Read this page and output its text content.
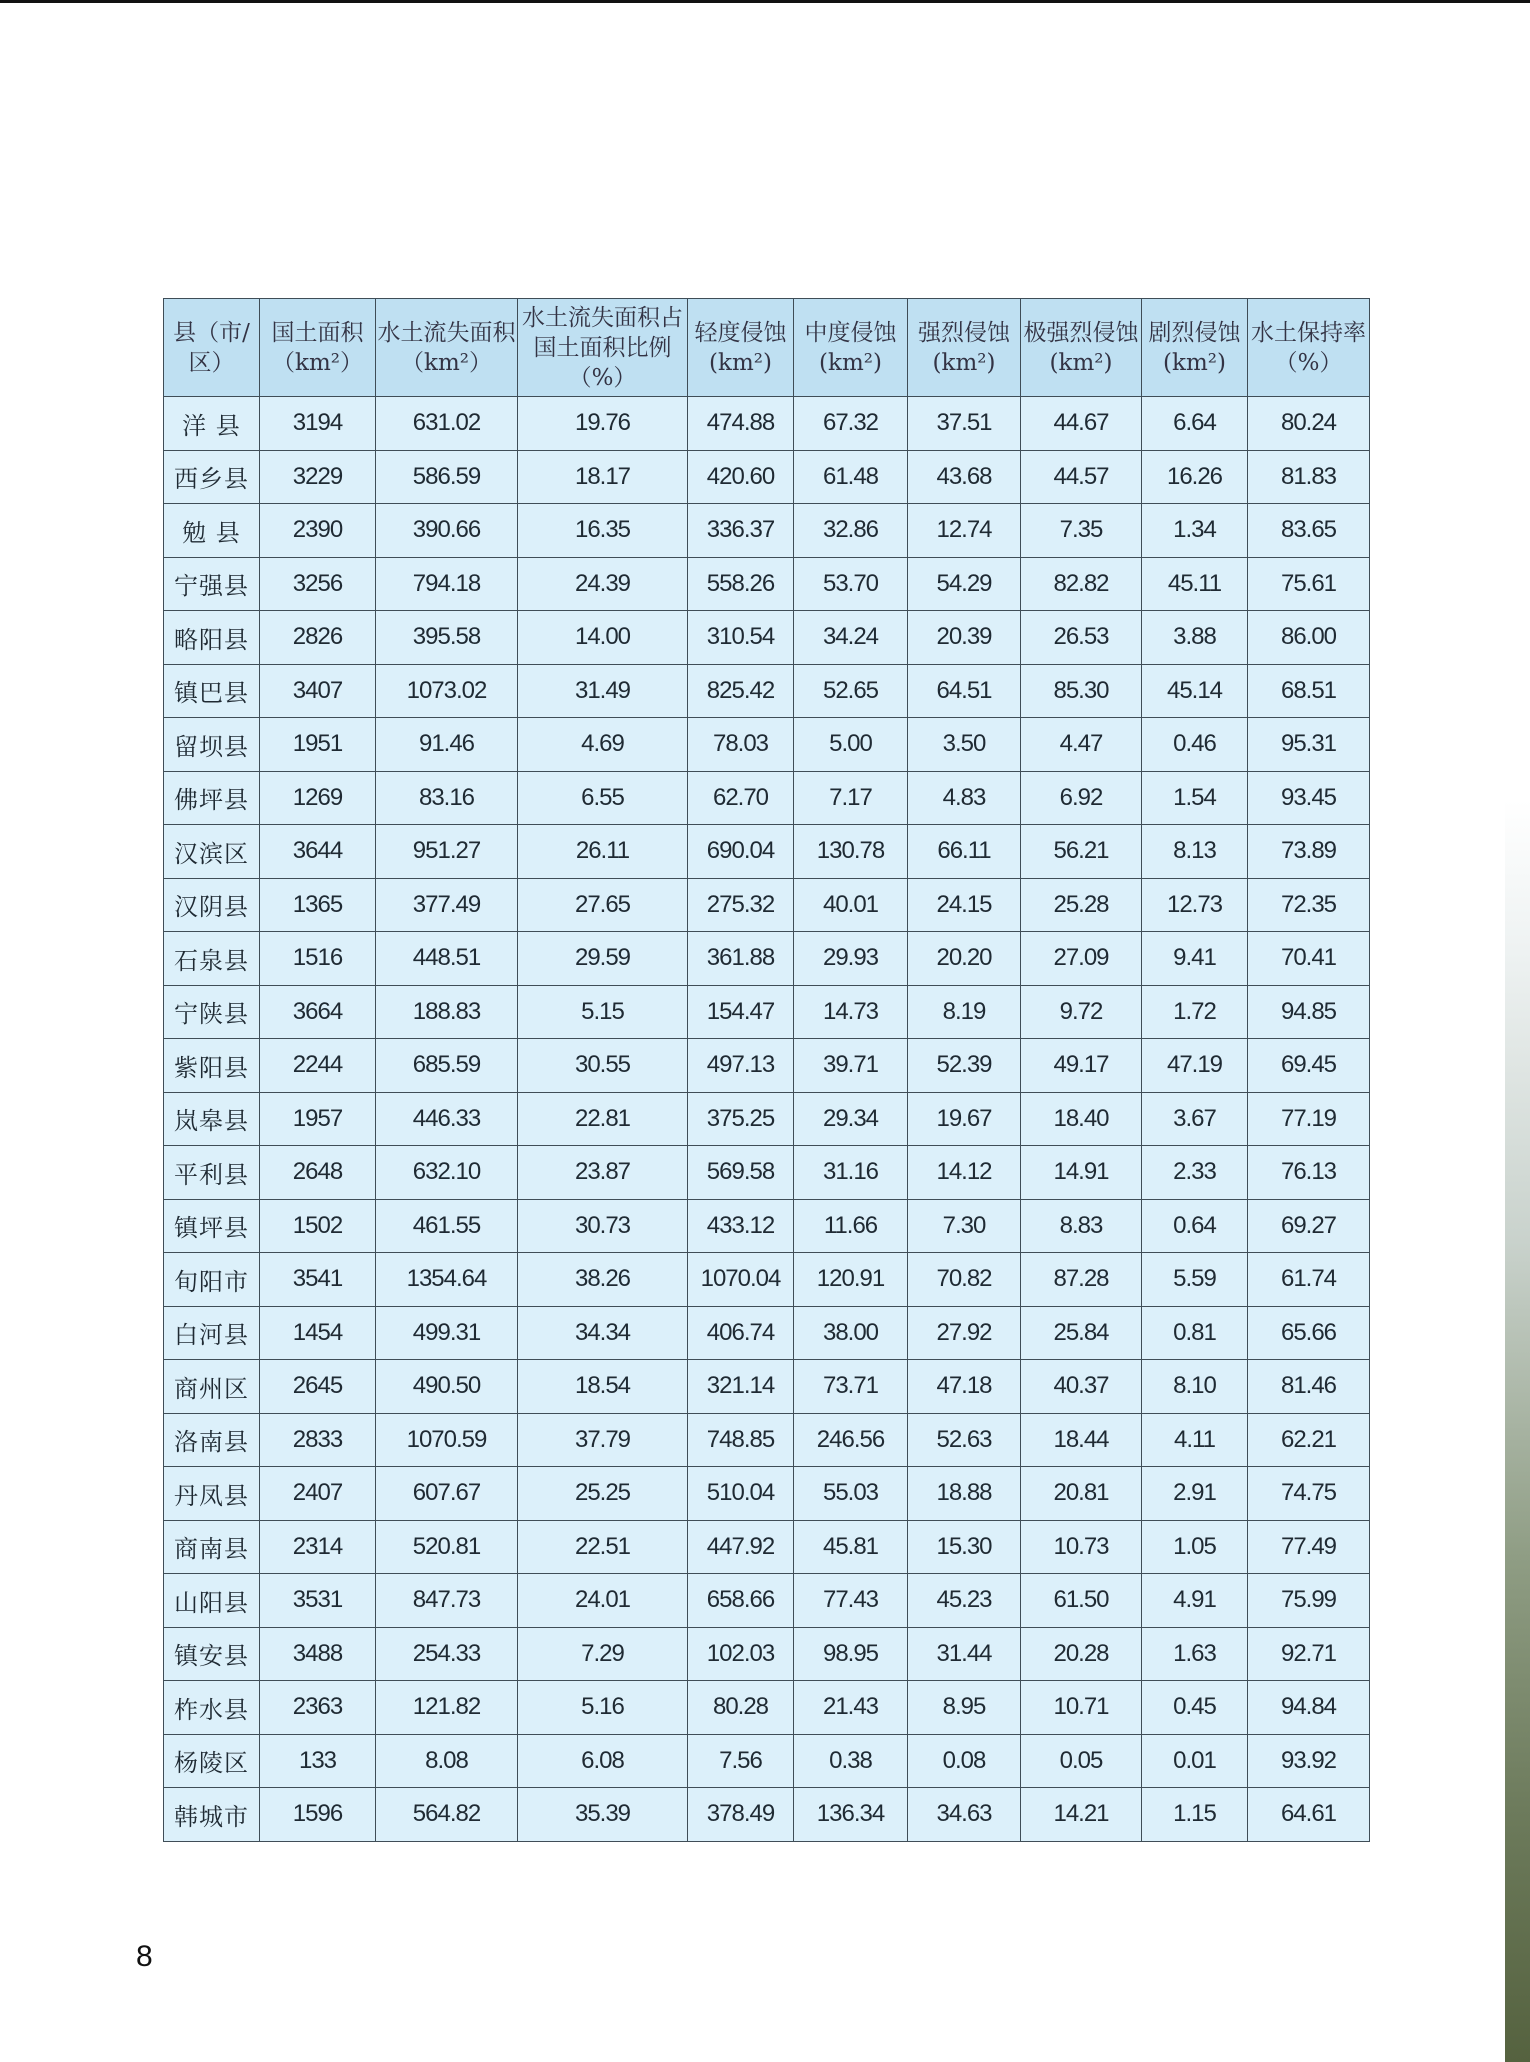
县（市/区）	国土面积（km²）	水土流失面积（km²）	水土流失面积占国土面积比例（%）	轻度侵蚀(km²)	中度侵蚀(km²)	强烈侵蚀(km²)	极强烈侵蚀(km²)	剧烈侵蚀(km²)	水土保持率（%）
洋 县	3194	631.02	19.76	474.88	67.32	37.51	44.67	6.64	80.24
西乡县	3229	586.59	18.17	420.60	61.48	43.68	44.57	16.26	81.83
勉 县	2390	390.66	16.35	336.37	32.86	12.74	7.35	1.34	83.65
宁强县	3256	794.18	24.39	558.26	53.70	54.29	82.82	45.11	75.61
略阳县	2826	395.58	14.00	310.54	34.24	20.39	26.53	3.88	86.00
镇巴县	3407	1073.02	31.49	825.42	52.65	64.51	85.30	45.14	68.51
留坝县	1951	91.46	4.69	78.03	5.00	3.50	4.47	0.46	95.31
佛坪县	1269	83.16	6.55	62.70	7.17	4.83	6.92	1.54	93.45
汉滨区	3644	951.27	26.11	690.04	130.78	66.11	56.21	8.13	73.89
汉阴县	1365	377.49	27.65	275.32	40.01	24.15	25.28	12.73	72.35
石泉县	1516	448.51	29.59	361.88	29.93	20.20	27.09	9.41	70.41
宁陕县	3664	188.83	5.15	154.47	14.73	8.19	9.72	1.72	94.85
紫阳县	2244	685.59	30.55	497.13	39.71	52.39	49.17	47.19	69.45
岚皋县	1957	446.33	22.81	375.25	29.34	19.67	18.40	3.67	77.19
平利县	2648	632.10	23.87	569.58	31.16	14.12	14.91	2.33	76.13
镇坪县	1502	461.55	30.73	433.12	11.66	7.30	8.83	0.64	69.27
旬阳市	3541	1354.64	38.26	1070.04	120.91	70.82	87.28	5.59	61.74
白河县	1454	499.31	34.34	406.74	38.00	27.92	25.84	0.81	65.66
商州区	2645	490.50	18.54	321.14	73.71	47.18	40.37	8.10	81.46
洛南县	2833	1070.59	37.79	748.85	246.56	52.63	18.44	4.11	62.21
丹凤县	2407	607.67	25.25	510.04	55.03	18.88	20.81	2.91	74.75
商南县	2314	520.81	22.51	447.92	45.81	15.30	10.73	1.05	77.49
山阳县	3531	847.73	24.01	658.66	77.43	45.23	61.50	4.91	75.99
镇安县	3488	254.33	7.29	102.03	98.95	31.44	20.28	1.63	92.71
柞水县	2363	121.82	5.16	80.28	21.43	8.95	10.71	0.45	94.84
杨陵区	133	8.08	6.08	7.56	0.38	0.08	0.05	0.01	93.92
韩城市	1596	564.82	35.39	378.49	136.34	34.63	14.21	1.15	64.61
8
